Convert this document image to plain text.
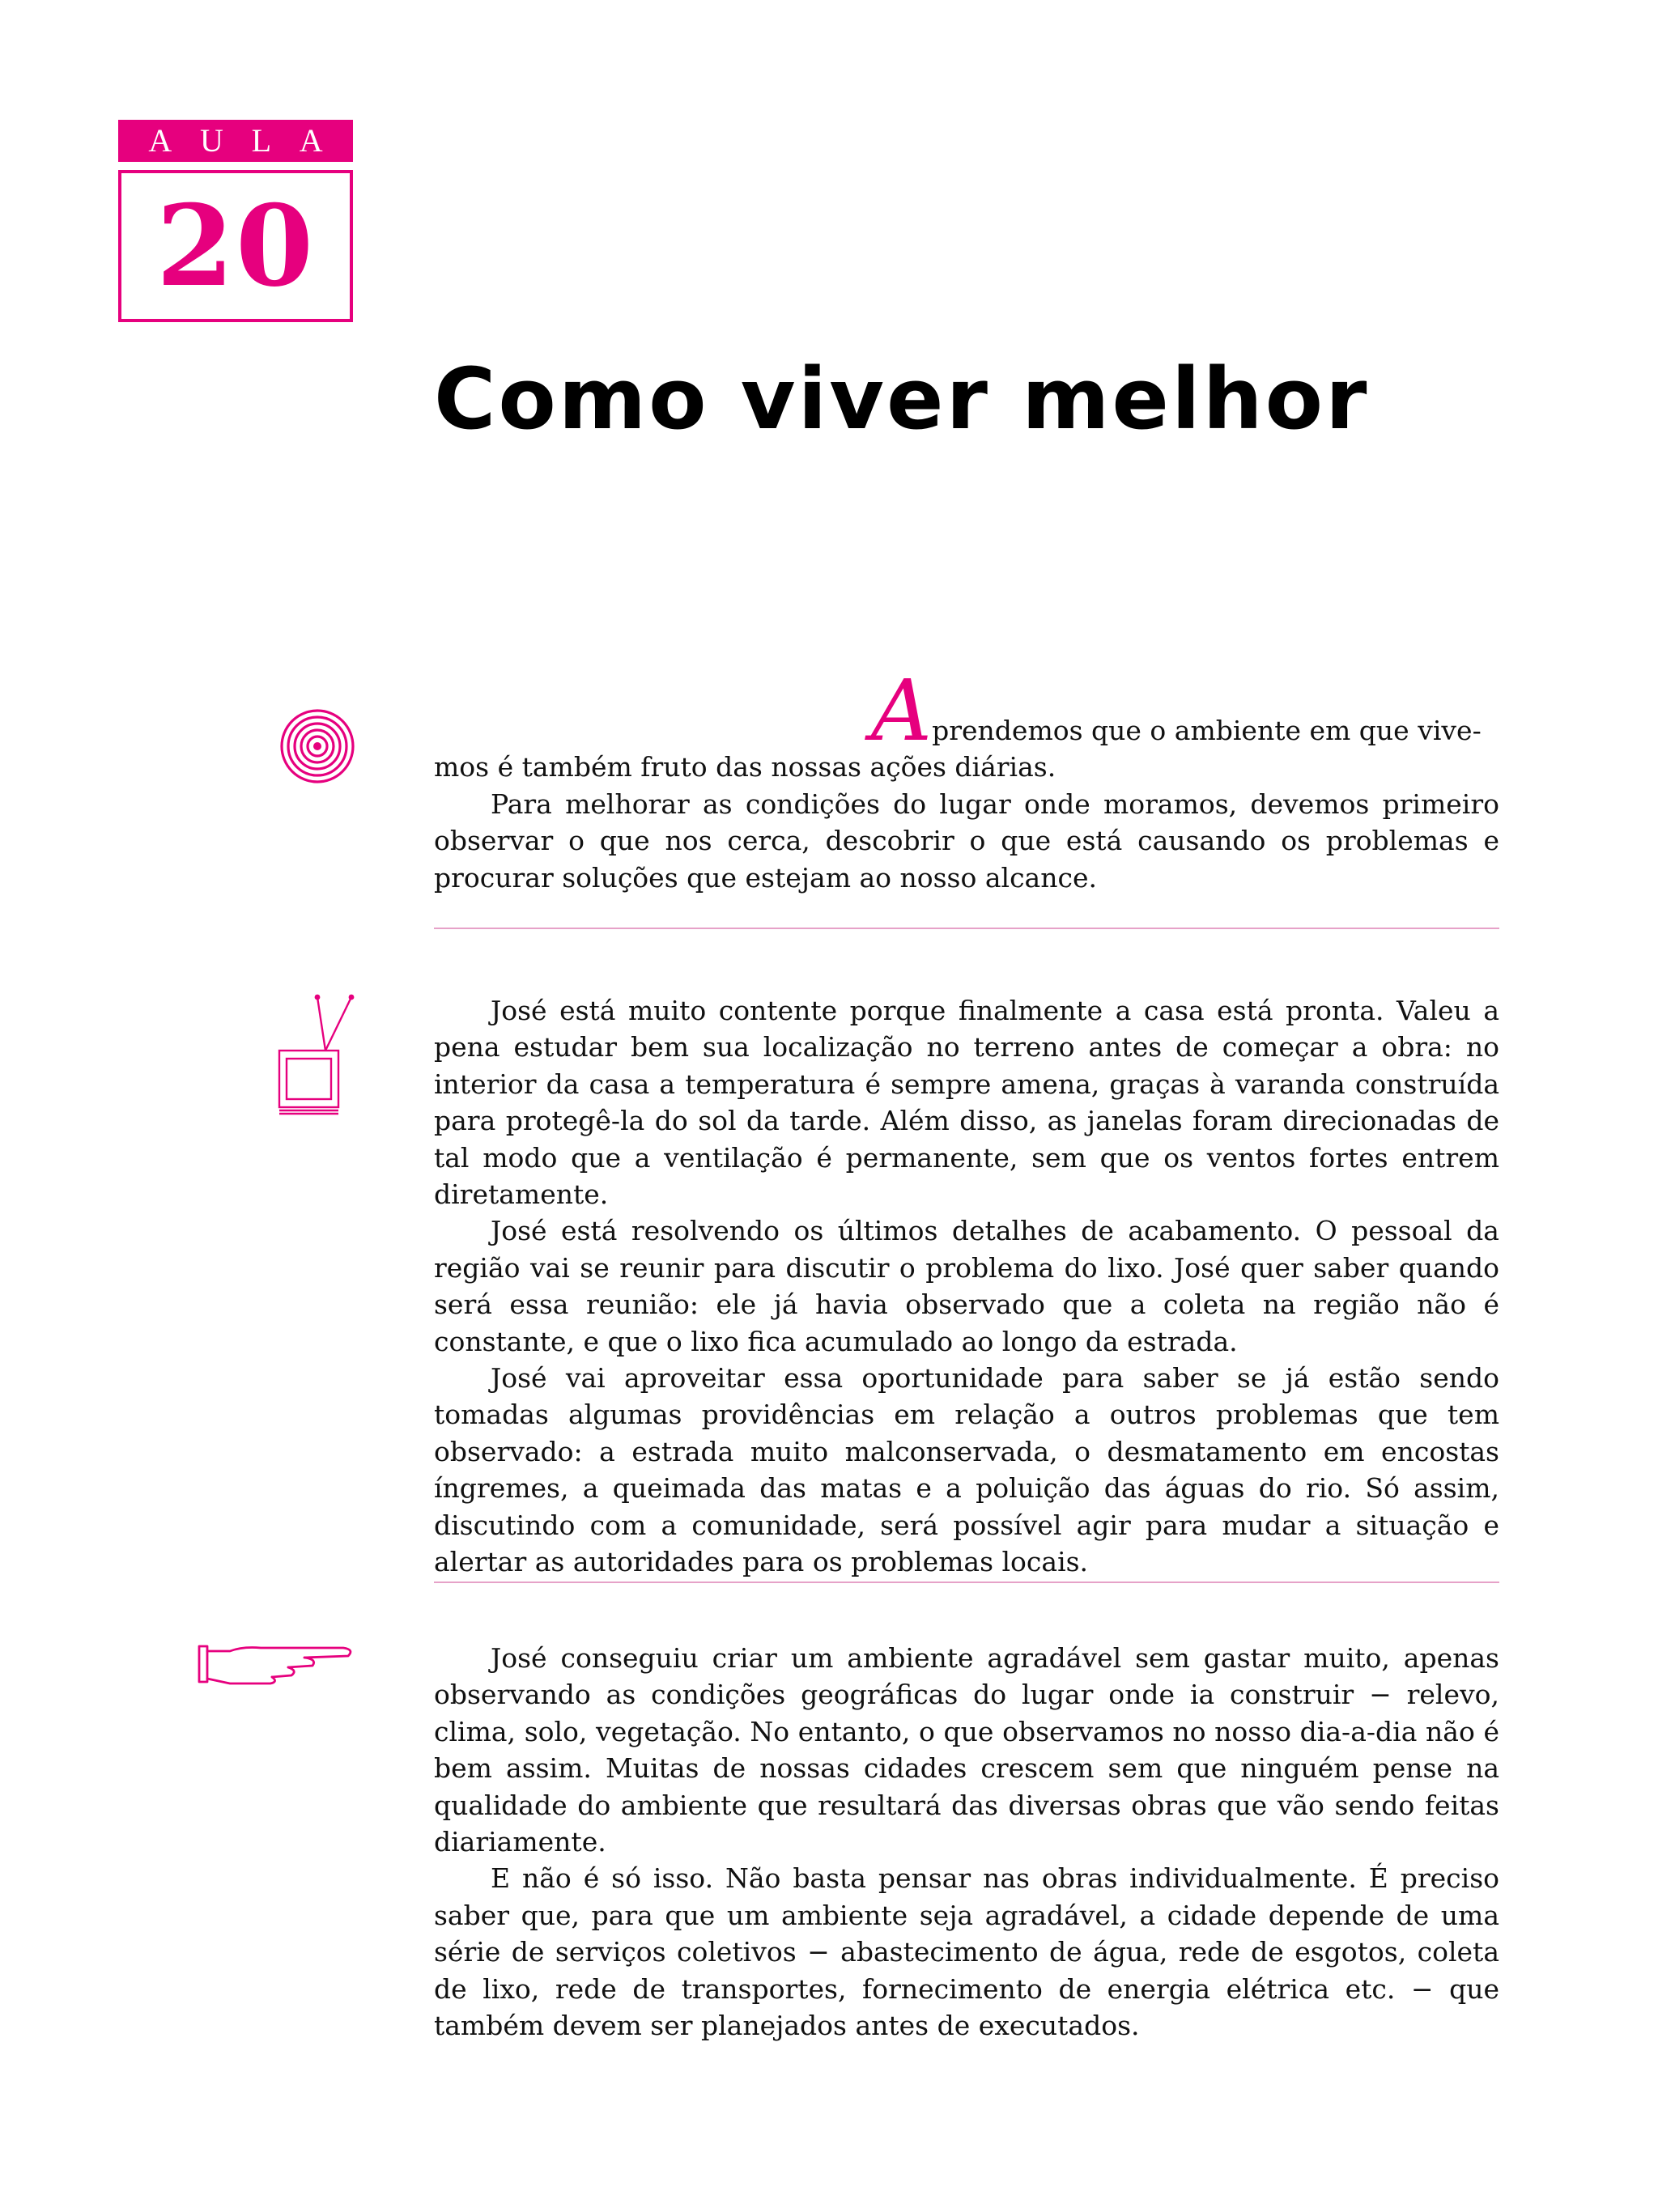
A U L A
20
Como viver melhor

Aprendemos que o ambiente em que vive-

mos é também fruto das nossas ações diárias.

Para melhorar as condições do lugar onde moramos, devemos primeiro observar o que nos cerca, descobrir o que está causando os problemas e procurar soluções que estejam ao nosso alcance.

José está muito contente porque finalmente a casa está pronta. Valeu a pena estudar bem sua localização no terreno antes de começar a obra: no interior da casa a temperatura é sempre amena, graças à varanda construída para protegê-la do sol da tarde. Além disso, as janelas foram direcionadas de tal modo que a ventilação é permanente, sem que os ventos fortes entrem diretamente.

José está resolvendo os últimos detalhes de acabamento. O pessoal da região vai se reunir para discutir o problema do lixo. José quer saber quando será essa reunião: ele já havia observado que a coleta na região não é constante, e que o lixo fica acumulado ao longo da estrada.

José vai aproveitar essa oportunidade para saber se já estão sendo tomadas algumas providências em relação a outros problemas que tem observado: a estrada muito malconservada, o desmatamento em encostas íngremes, a queimada das matas e a poluição das águas do rio. Só assim, discutindo com a comunidade, será possível agir para mudar a situação e alertar as autoridades para os problemas locais.

José conseguiu criar um ambiente agradável sem gastar muito, apenas observando as condições geográficas do lugar onde ia construir − relevo, clima, solo, vegetação. No entanto, o que observamos no nosso dia-a-dia não é bem assim. Muitas de nossas cidades crescem sem que ninguém pense na qualidade do ambiente que resultará das diversas obras que vão sendo feitas diariamente.

E não é só isso. Não basta pensar nas obras individualmente. É preciso saber que, para que um ambiente seja agradável, a cidade depende de uma série de serviços coletivos − abastecimento de água, rede de esgotos, coleta de lixo, rede de transportes, fornecimento de energia elétrica etc. − que também devem ser planejados antes de executados.
